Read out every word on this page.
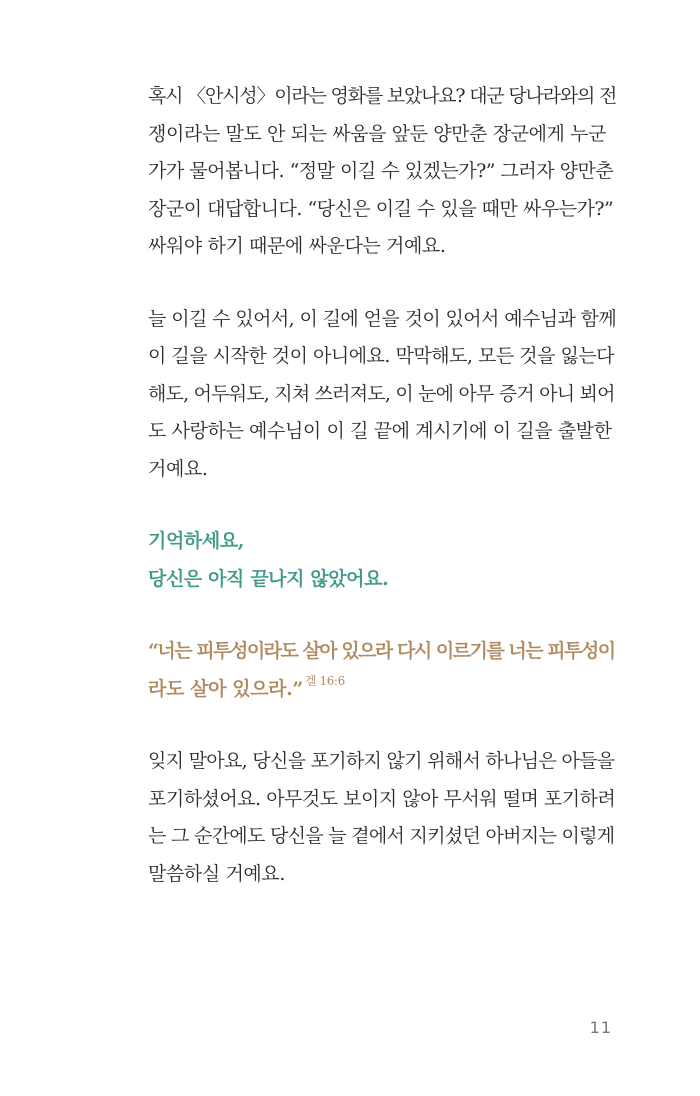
혹시 〈안시성〉이라는 영화를 보았나요? 대군 당나라와의 전
쟁이라는 말도 안 되는 싸움을 앞둔 양만춘 장군에게 누군
가가 물어봅니다. “정말 이길 수 있겠는가?” 그러자 양만춘
장군이 대답합니다. “당신은 이길 수 있을 때만 싸우는가?”
싸워야 하기 때문에 싸운다는 거예요.

늘 이길 수 있어서, 이 길에 얻을 것이 있어서 예수님과 함께
이 길을 시작한 것이 아니에요. 막막해도, 모든 것을 잃는다
해도, 어두워도, 지쳐 쓰러져도, 이 눈에 아무 증거 아니 뵈어
도 사랑하는 예수님이 이 길 끝에 계시기에 이 길을 출발한
거예요.

기억하세요,
당신은 아직 끝나지 않았어요.

“너는 피투성이라도 살아 있으라 다시 이르기를 너는 피투성이
라도 살아 있으라.” $^{겔 16:6}$

잊지 말아요, 당신을 포기하지 않기 위해서 하나님은 아들을
포기하셨어요. 아무것도 보이지 않아 무서워 떨며 포기하려
는 그 순간에도 당신을 늘 곁에서 지키셨던 아버지는 이렇게
말씀하실 거예요.

11
